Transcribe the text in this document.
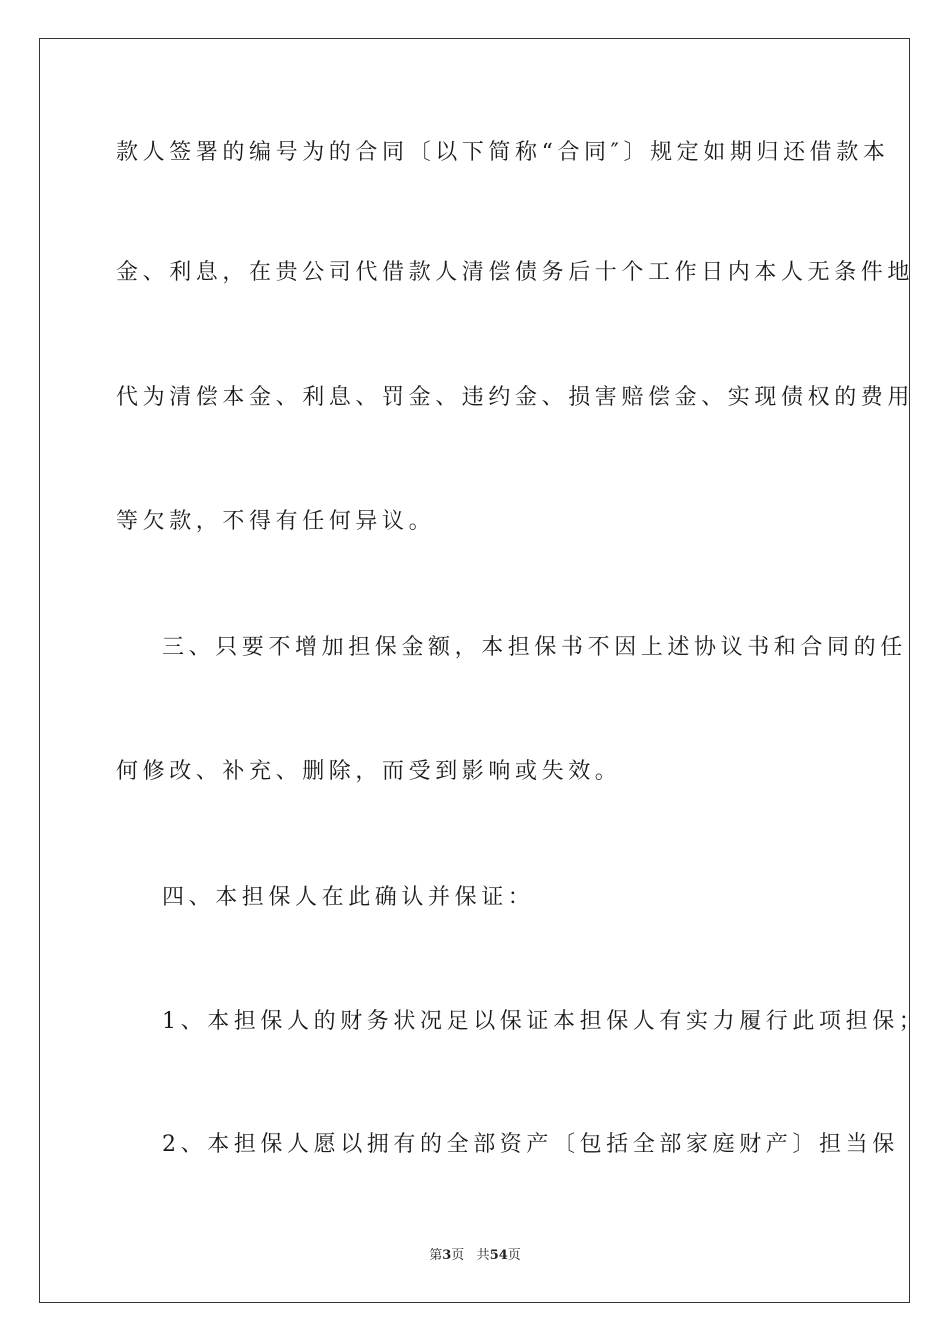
款人签署的编号为的合同〔以下简称“合同″〕规定如期归还借款本
金、利息，在贵公司代借款人清偿债务后十个工作日内本人无条件地
代为清偿本金、利息、罚金、违约金、损害赔偿金、实现债权的费用
等欠款，不得有任何异议。
三、只要不增加担保金额，本担保书不因上述协议书和合同的任
何修改、补充、删除，而受到影响或失效。
四、本担保人在此确认并保证：
1、本担保人的财务状况足以保证本担保人有实力履行此项担保；
2、本担保人愿以拥有的全部资产〔包括全部家庭财产〕担当保
第3页 共54页
